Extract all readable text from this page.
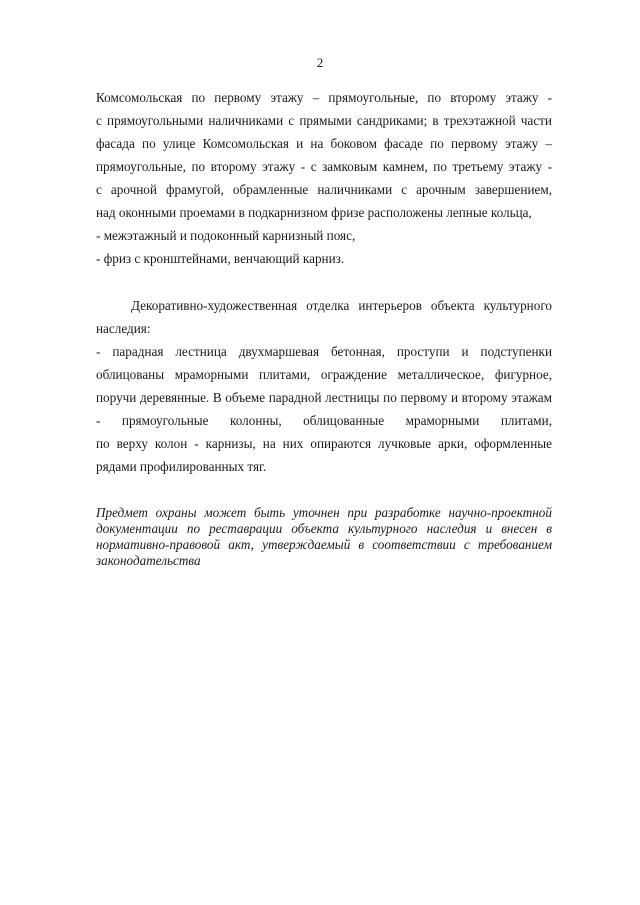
2
Комсомольская по первому этажу – прямоугольные, по второму этажу -
с прямоугольными наличниками с прямыми сандриками; в трехэтажной части
фасада по улице Комсомольская и на боковом фасаде по первому этажу –
прямоугольные, по второму этажу - с замковым камнем, по третьему этажу -
с арочной фрамугой, обрамленные наличниками с арочным завершением,
над оконными проемами в подкарнизном фризе расположены лепные кольца,
- межэтажный и подоконный карнизный пояс,
- фриз с кронштейнами, венчающий карниз.
Декоративно-художественная отделка интерьеров объекта культурного
наследия:
- парадная лестница двухмаршевая бетонная, проступи и подступенки
облицованы мраморными плитами, ограждение металлическое, фигурное,
поручи деревянные. В объеме парадной лестницы по первому и второму этажам
- прямоугольные колонны, облицованные мраморными плитами,
по верху колон - карнизы, на них опираются лучковые арки, оформленные
рядами профилированных тяг.
Предмет охраны может быть уточнен при разработке научно-проектной
документации по реставрации объекта культурного наследия и внесен в
нормативно-правовой акт, утверждаемый в соответствии с требованием
законодательства
